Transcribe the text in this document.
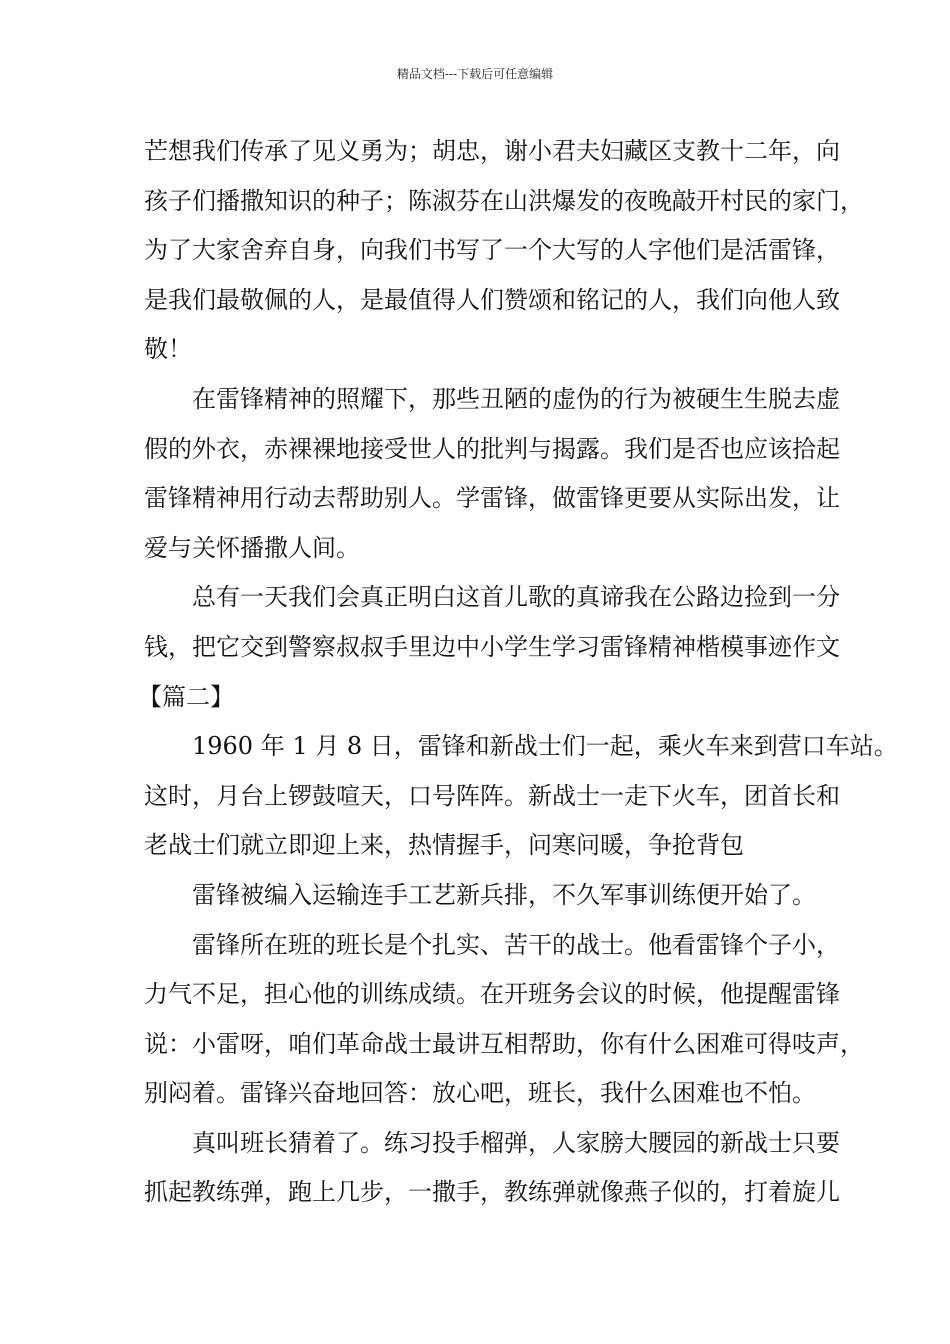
精品文档---下载后可任意编辑

芒想我们传承了见义勇为；胡忠，谢小君夫妇藏区支教十二年，向

孩子们播撒知识的种子；陈淑芬在山洪爆发的夜晚敲开村民的家门，

为了大家舍弃自身，向我们书写了一个大写的人字他们是活雷锋，

是我们最敬佩的人，是最值得人们赞颂和铭记的人，我们向他人致

敬！

在雷锋精神的照耀下，那些丑陋的虚伪的行为被硬生生脱去虚

假的外衣，赤裸裸地接受世人的批判与揭露。我们是否也应该拾起

雷锋精神用行动去帮助别人。学雷锋，做雷锋更要从实际出发，让

爱与关怀播撒人间。

总有一天我们会真正明白这首儿歌的真谛我在公路边捡到一分

钱，把它交到警察叔叔手里边中小学生学习雷锋精神楷模事迹作文

【篇二】

1960 年 1 月 8 日，雷锋和新战士们一起，乘火车来到营口车站。

这时，月台上锣鼓喧天，口号阵阵。新战士一走下火车，团首长和

老战士们就立即迎上来，热情握手，问寒问暖，争抢背包

雷锋被编入运输连手工艺新兵排，不久军事训练便开始了。

雷锋所在班的班长是个扎实、苦干的战士。他看雷锋个子小，

力气不足，担心他的训练成绩。在开班务会议的时候，他提醒雷锋

说：小雷呀，咱们革命战士最讲互相帮助，你有什么困难可得吱声，

别闷着。雷锋兴奋地回答：放心吧，班长，我什么困难也不怕。

真叫班长猜着了。练习投手榴弹，人家膀大腰园的新战士只要

抓起教练弹，跑上几步，一撒手，教练弹就像燕子似的，打着旋儿
